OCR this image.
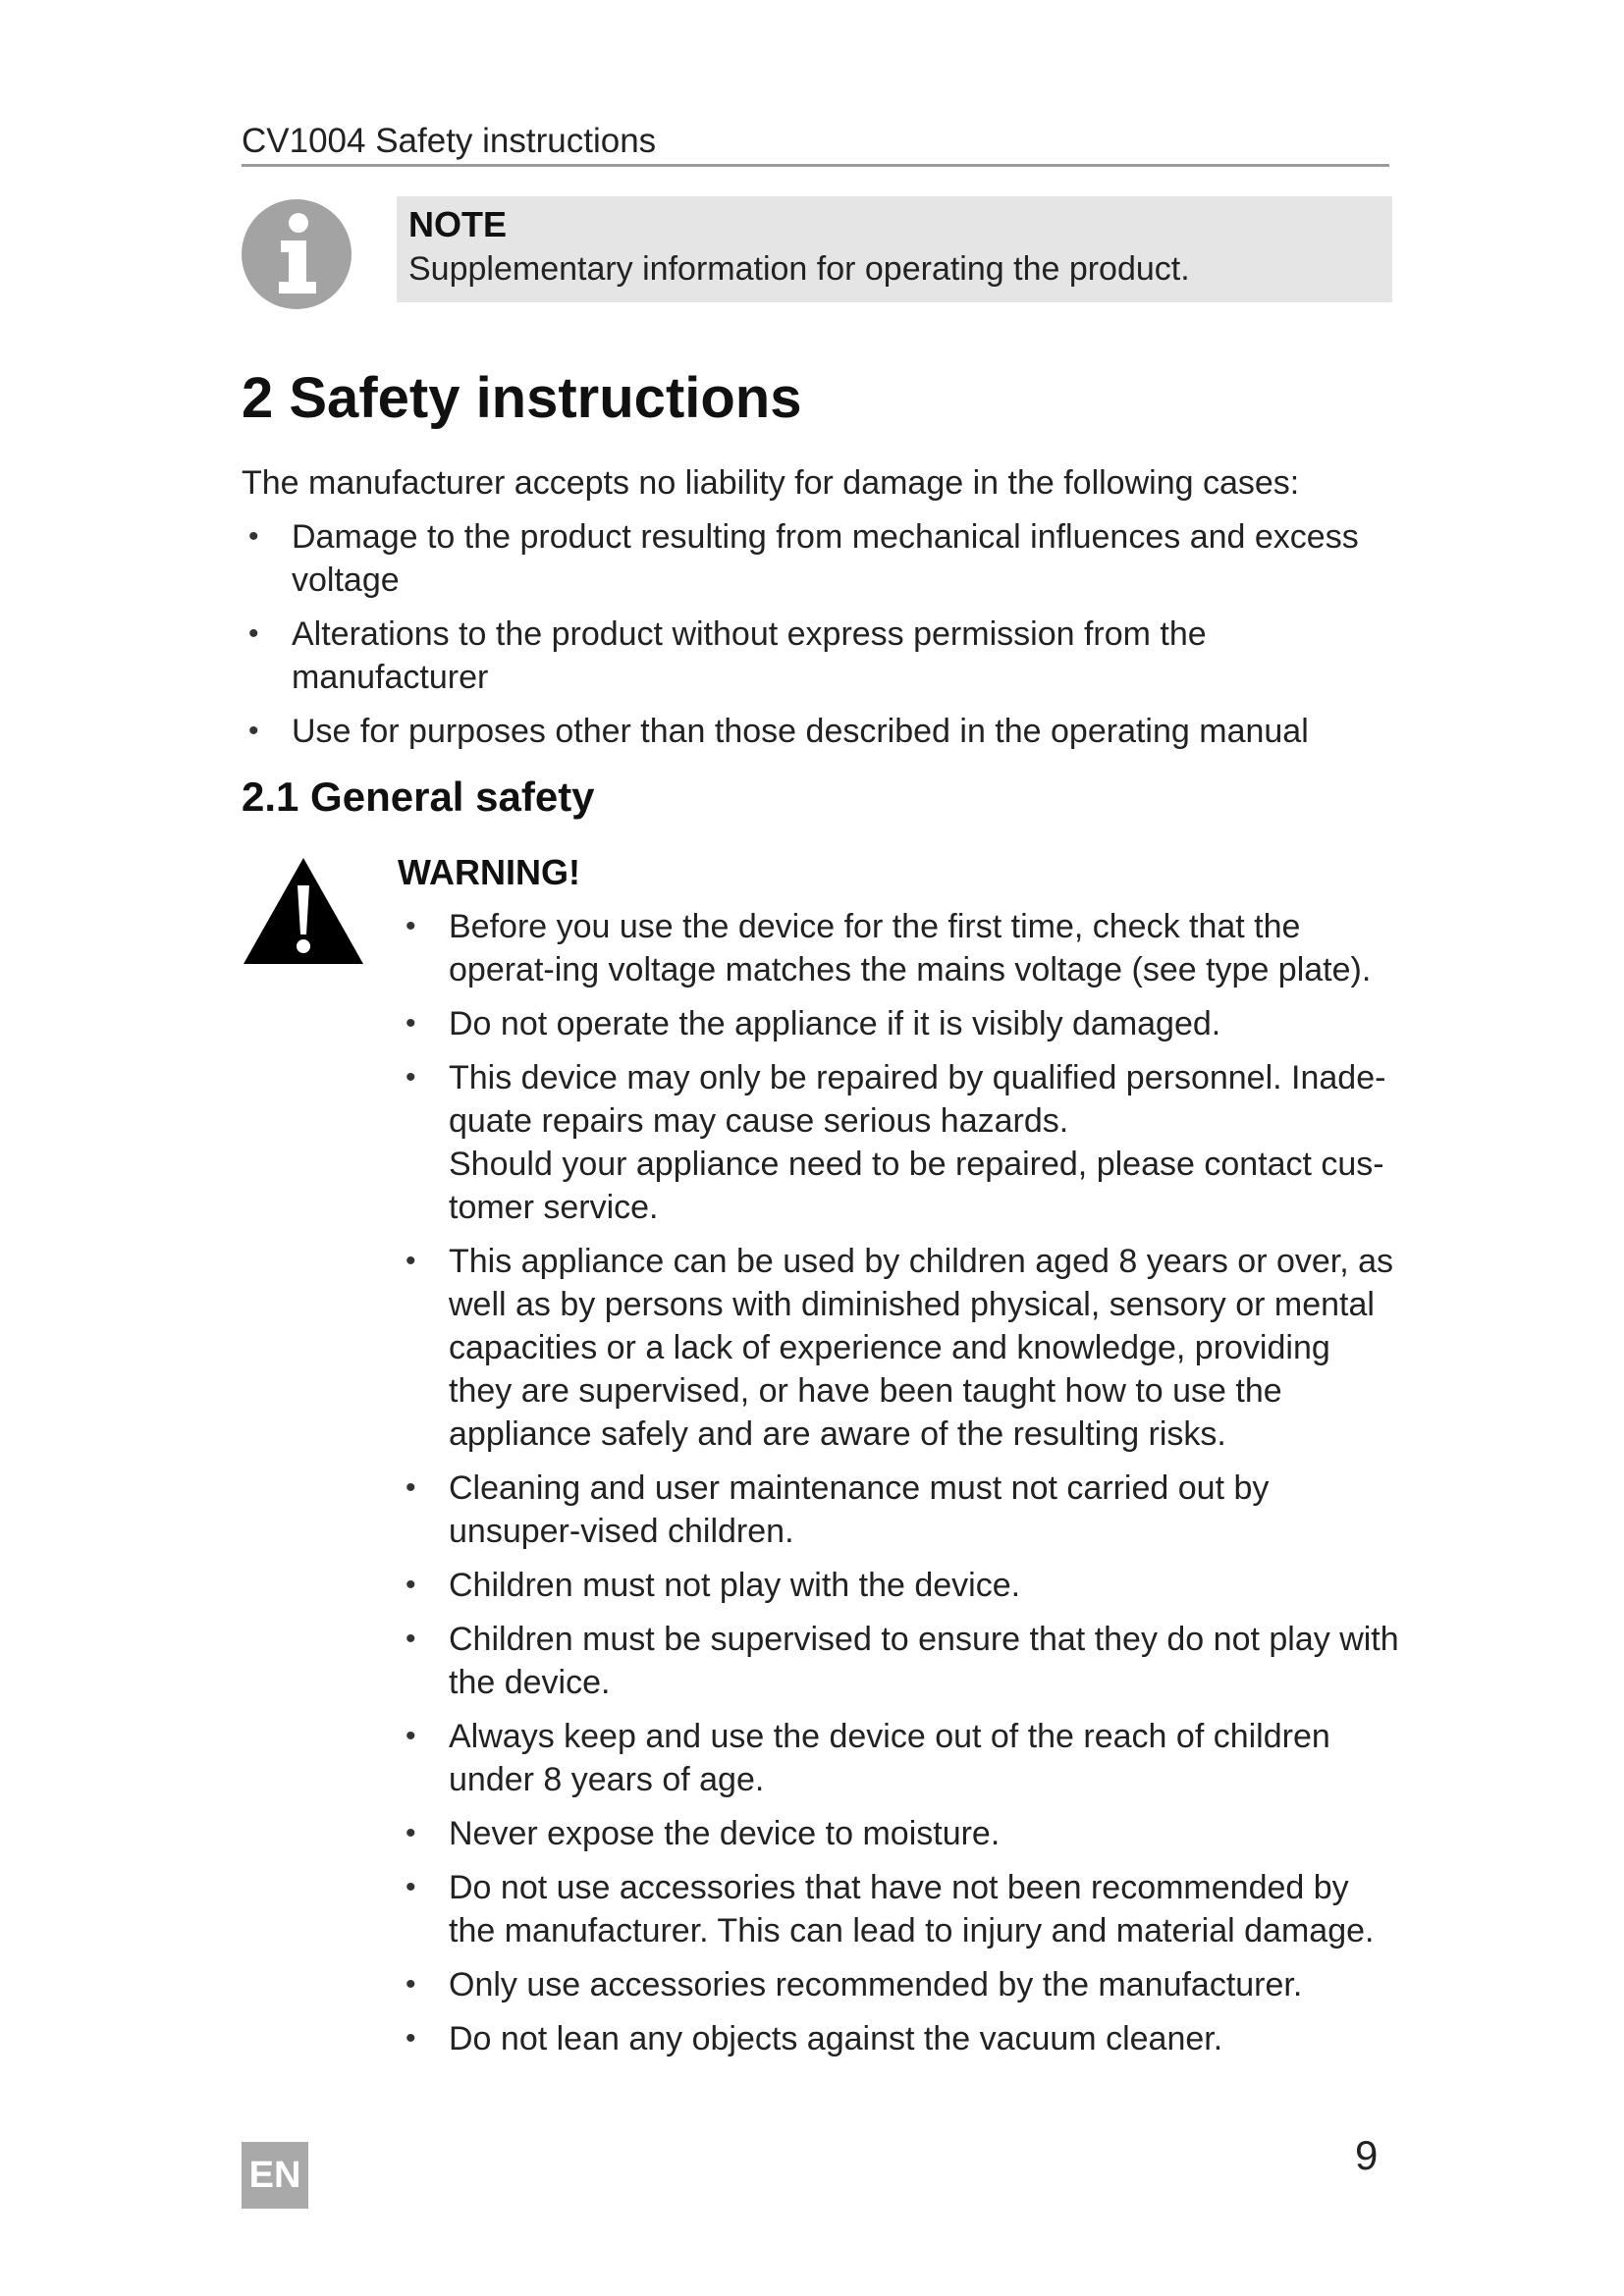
CV1004 Safety instructions
NOTE
Supplementary information for operating the product.
2 Safety instructions
The manufacturer accepts no liability for damage in the following cases:
• Damage to the product resulting from mechanical influences and excess voltage
• Alterations to the product without express permission from the manufacturer
• Use for purposes other than those described in the operating manual
2.1 General safety
WARNING!
• Before you use the device for the first time, check that the operat-ing voltage matches the mains voltage (see type plate).
• Do not operate the appliance if it is visibly damaged.
• This device may only be repaired by qualified personnel. Inade-quate repairs may cause serious hazards.
Should your appliance need to be repaired, please contact cus-tomer service.
• This appliance can be used by children aged 8 years or over, as well as by persons with diminished physical, sensory or mental capacities or a lack of experience and knowledge, providing they are supervised, or have been taught how to use the appliance safely and are aware of the resulting risks.
• Cleaning and user maintenance must not carried out by unsuper-vised children.
• Children must not play with the device.
• Children must be supervised to ensure that they do not play with the device.
• Always keep and use the device out of the reach of children under 8 years of age.
• Never expose the device to moisture.
• Do not use accessories that have not been recommended by the manufacturer. This can lead to injury and material damage.
• Only use accessories recommended by the manufacturer.
• Do not lean any objects against the vacuum cleaner.
EN	9
